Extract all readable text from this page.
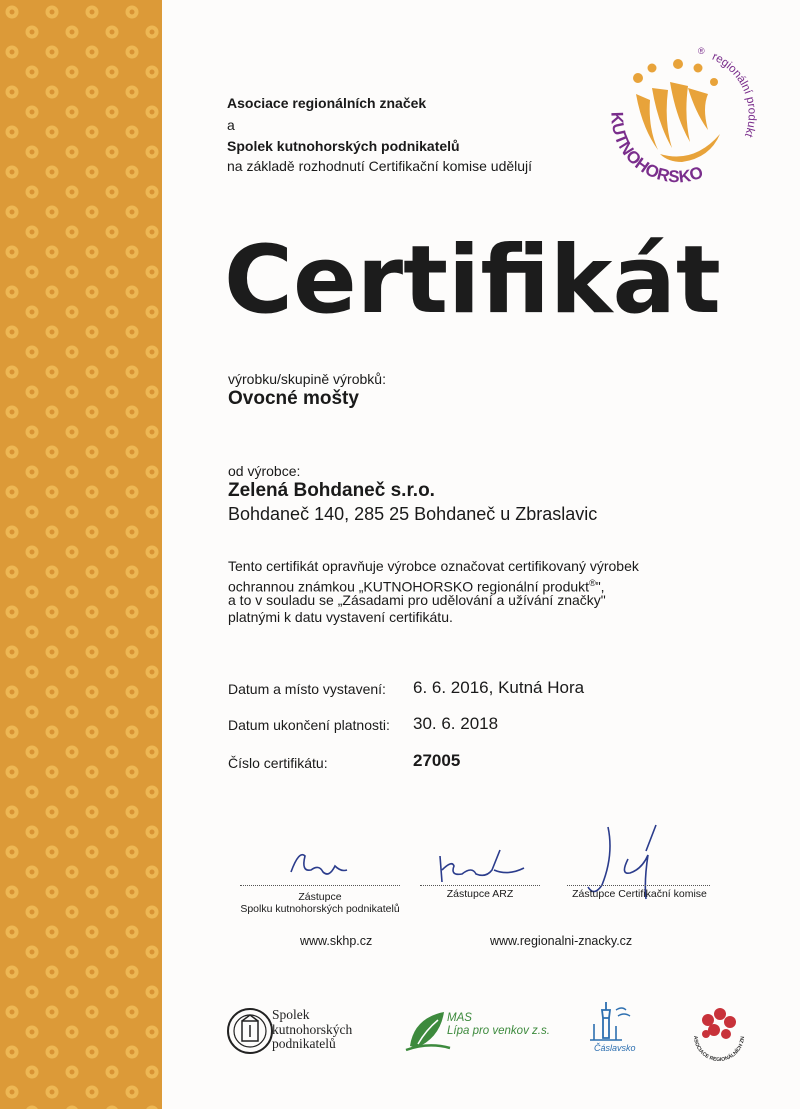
Asociace regionálních značek
a
Spolek kutnohorských podnikatelů
na základě rozhodnutí Certifikační komise udělují
KUTNOHORSKO
regionální produkt
®
Certifikát
výrobku/skupině výrobků:
Ovocné mošty
od výrobce:
Zelená Bohdaneč s.r.o.
Bohdaneč 140, 285 25 Bohdaneč u Zbraslavic
Tento certifikát opravňuje výrobce označovat certifikovaný výrobek
ochrannou známkou „KUTNOHORSKO regionální produkt®",
a to v souladu se „Zásadami pro udělování a užívání značky"
platnými k datu vystavení certifikátu.
Datum a místo vystavení: 6. 6. 2016, Kutná Hora
Datum ukončení platnosti: 30. 6. 2018
Číslo certifikátu:	27005
Zástupce
Spolku kutnohorských podnikatelů
Zástupce ARZ	Zástupce Certifikační komise
www.skhp.cz	www.regionalni-znacky.cz
Spolek
kutnohorských
podnikatelů
MAS
Lípa pro venkov z.s.
Čáslavsko
ASOCIACE REGIONÁLNÍCH ZN
